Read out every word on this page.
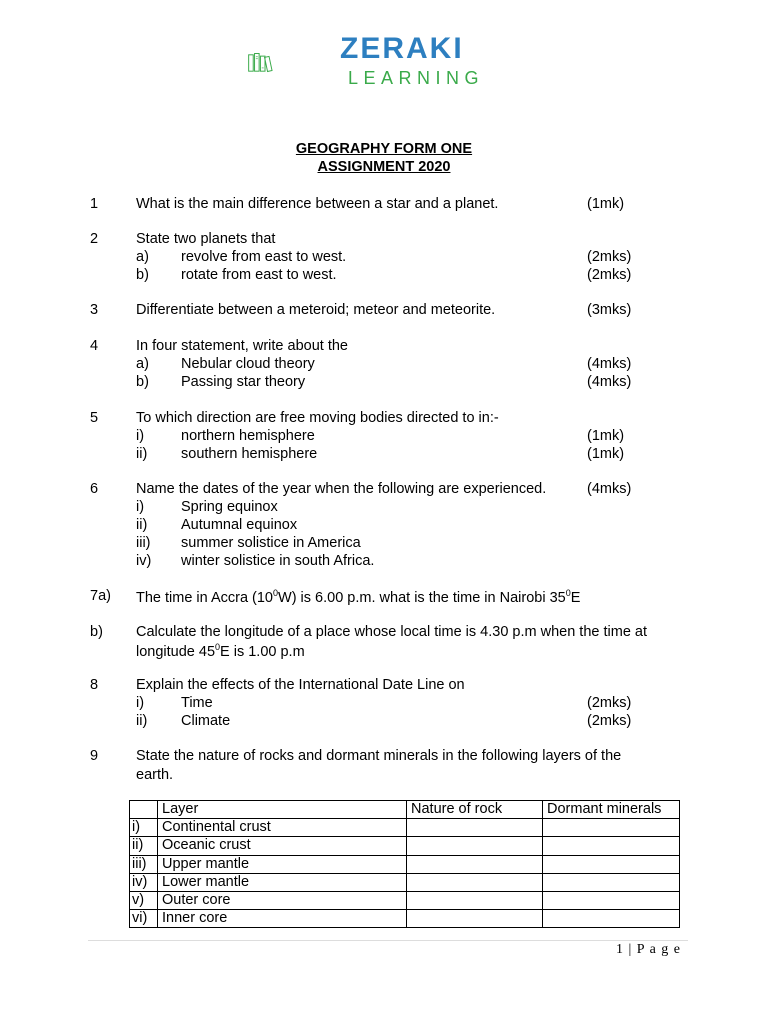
ZERAKI
LEARNING
GEOGRAPHY FORM ONE
ASSIGNMENT 2020
1	What is the main difference between a star and a planet.	(1mk)
2	State two planets that
a) revolve from east to west.	(2mks)
b) rotate from east to west.	(2mks)
3	Differentiate between a meteroid; meteor and meteorite.	(3mks)
4	In four statement, write about the
a) Nebular cloud theory	(4mks)
b) Passing star theory	(4mks)
5	To which direction are free moving bodies directed to in:-
i)	northern hemisphere	(1mk)
ii) southern hemisphere	(1mk)
6	Name the dates of the year when the following are experienced.	(4mks)
i)	Spring equinox
ii) Autumnal equinox
iii) summer solistice in America
iv) winter solistice in south Africa.
7a) The time in Accra $(10^0W)$ is 6.00 p.m. what is the time in Nairobi $35^0E$
b) Calculate the longitude of a place whose local time is 4.30 p.m when the time at
longitude $45^0E$ is 1.00 p.m
8	Explain the effects of the International Date Line on
i)	Time	(2mks)
ii) Climate	(2mks)
9	State the nature of rocks and dormant minerals in the following layers of the
earth.
	Layer	Nature of rock	Dormant minerals
i)	Continental crust		
ii)	Oceanic crust		
iii)	Upper mantle		
iv)	Lower mantle		
v)	Outer core		
vi)	Inner core		
1 | P a g e
